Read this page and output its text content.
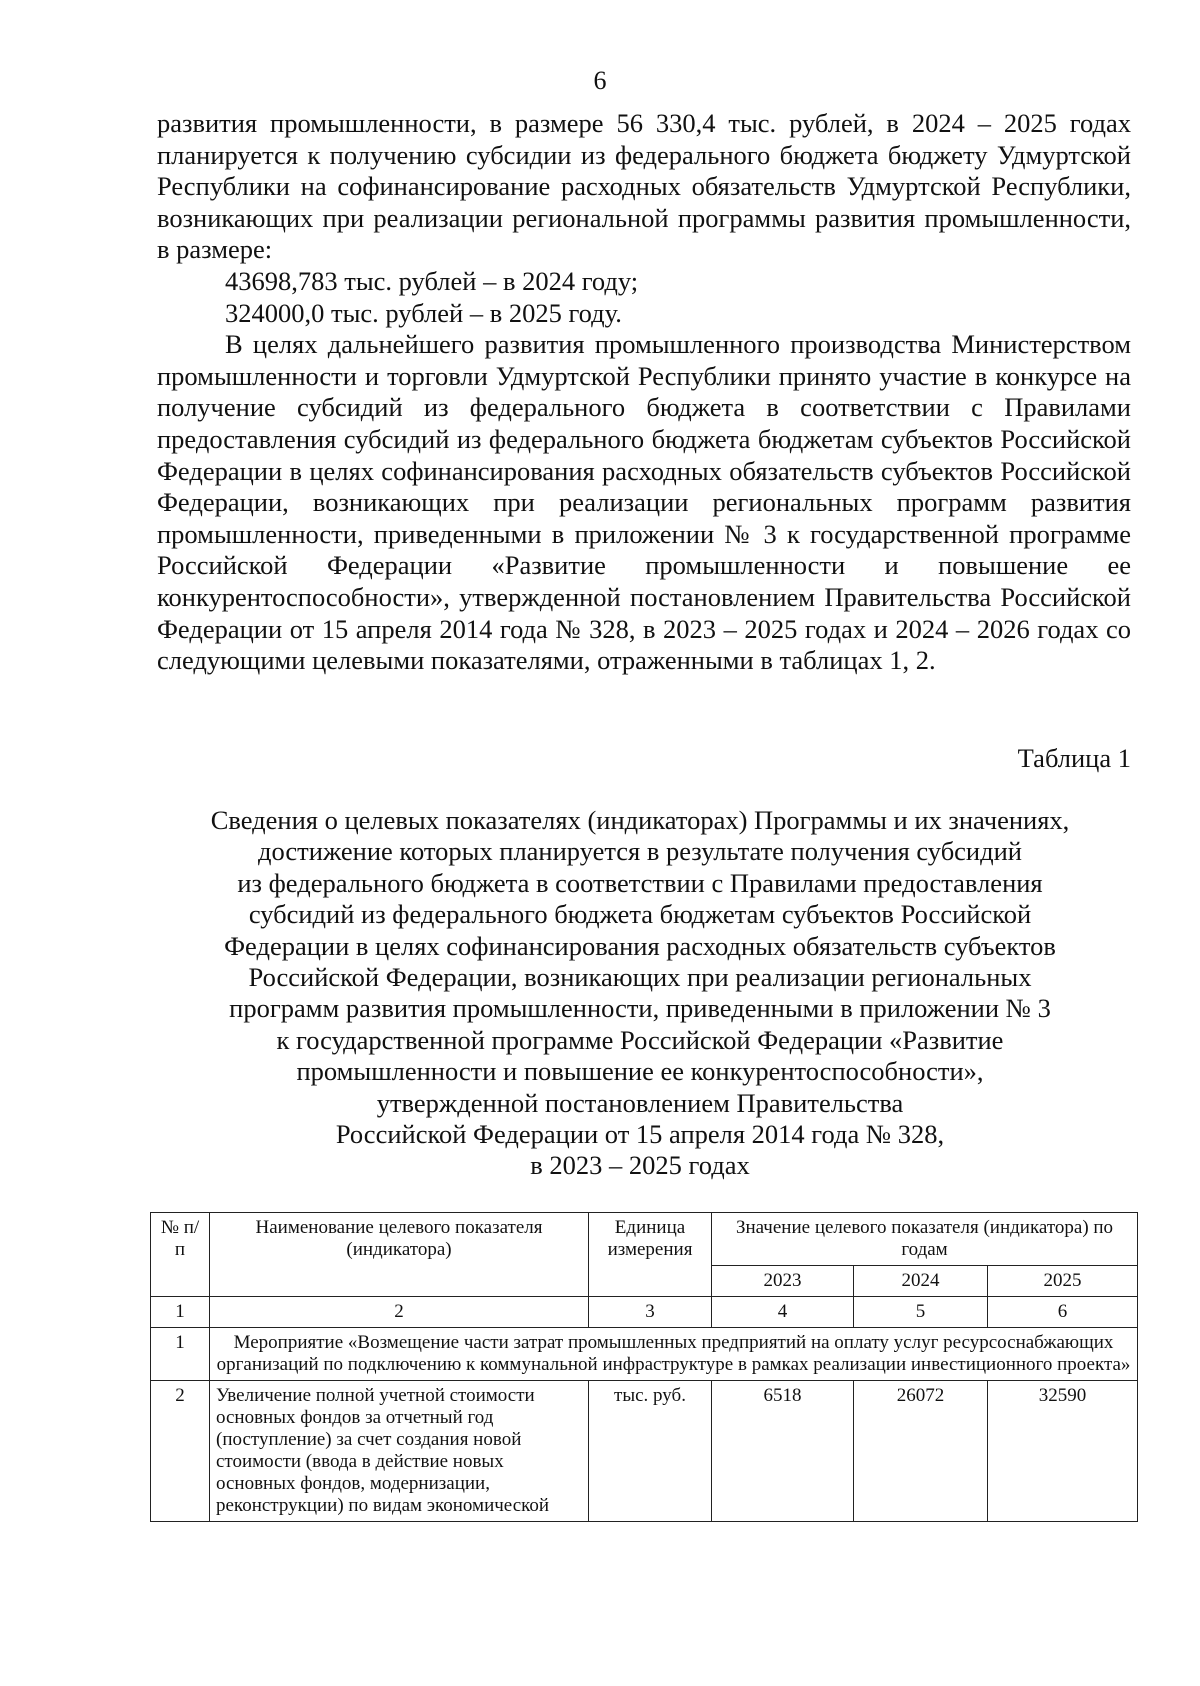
6

развития промышленности, в размере 56 330,4 тыс. рублей, в 2024 – 2025 годах планируется к получению субсидии из федерального бюджета бюджету Удмуртской Республики на софинансирование расходных обязательств Удмуртской Республики, возникающих при реализации региональной программы развития промышленности, в размере:

43698,783 тыс. рублей – в 2024 году;

324000,0 тыс. рублей – в 2025 году.

В целях дальнейшего развития промышленного производства Министерством промышленности и торговли Удмуртской Республики принято участие в конкурсе на получение субсидий из федерального бюджета в соответствии с Правилами предоставления субсидий из федерального бюджета бюджетам субъектов Российской Федерации в целях софинансирования расходных обязательств субъектов Российской Федерации, возникающих при реализации региональных программ развития промышленности, приведенными в приложении № 3 к государственной программе Российской Федерации «Развитие промышленности и повышение ее конкурентоспособности», утвержденной постановлением Правительства Российской Федерации от 15 апреля 2014 года № 328, в 2023 – 2025 годах и 2024 – 2026 годах со следующими целевыми показателями, отраженными в таблицах 1, 2.

Таблица 1
Сведения о целевых показателях (индикаторах) Программы и их значениях,
достижение которых планируется в результате получения субсидий
из федерального бюджета в соответствии с Правилами предоставления
субсидий из федерального бюджета бюджетам субъектов Российской
Федерации в целях софинансирования расходных обязательств субъектов
Российской Федерации, возникающих при реализации региональных
программ развития промышленности, приведенными в приложении № 3
к государственной программе Российской Федерации «Развитие
промышленности и повышение ее конкурентоспособности»,
утвержденной постановлением Правительства
Российской Федерации от 15 апреля 2014 года № 328,
в 2023 – 2025 годах
№ п/п	Наименование целевого показателя (индикатора)	Единица измерения	Значение целевого показателя (индикатора) по годам		
			2023	2024	2025
1	2	3	4	5	6
1	Мероприятие «Возмещение части затрат промышленных предприятий на оплату услуг ресурсоснабжающих организаций по подключению к коммунальной инфраструктуре в рамках реализации инвестиционного проекта»				
2	Увеличение полной учетной стоимости основных фондов за отчетный год (поступление) за счет создания новой стоимости (ввода в действие новых основных фондов, модернизации, реконструкции) по видам экономической	тыс. руб.	6518	26072	32590
